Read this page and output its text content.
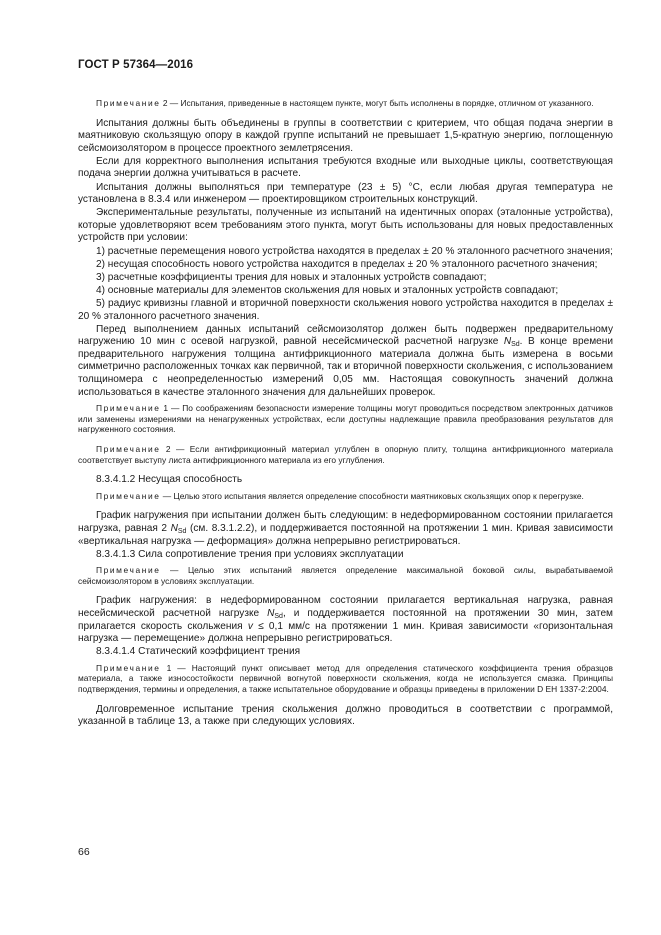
ГОСТ Р 57364—2016

Примечание 2 — Испытания, приведенные в настоящем пункте, могут быть исполнены в порядке, отличном от указанного.

Испытания должны быть объединены в группы в соответствии с критерием, что общая подача энергии в маятниковую скользящую опору в каждой группе испытаний не превышает 1,5-кратную энергию, поглощенную сейсмоизолятором в процессе проектного землетрясения.

Если для корректного выполнения испытания требуются входные или выходные циклы, соответствующая подача энергии должна учитываться в расчете.

Испытания должны выполняться при температуре (23 ± 5) °С, если любая другая температура не установлена в 8.3.4 или инженером — проектировщиком строительных конструкций.

Экспериментальные результаты, полученные из испытаний на идентичных опорах (эталонные устройства), которые удовлетворяют всем требованиям этого пункта, могут быть использованы для новых предоставленных устройств при условии:

1) расчетные перемещения нового устройства находятся в пределах ± 20 % эталонного расчетного значения;

2) несущая способность нового устройства находится в пределах ± 20 % эталонного расчетного значения;

3) расчетные коэффициенты трения для новых и эталонных устройств совпадают;

4) основные материалы для элементов скольжения для новых и эталонных устройств совпадают;

5) радиус кривизны главной и вторичной поверхности скольжения нового устройства находится в пределах ± 20 % эталонного расчетного значения.

Перед выполнением данных испытаний сейсмоизолятор должен быть подвержен предварительному нагружению 10 мин с осевой нагрузкой, равной несейсмической расчетной нагрузке $N_{Sd}$. В конце времени предварительного нагружения толщина антифрикционного материала должна быть измерена в восьми симметрично расположенных точках как первичной, так и вторичной поверхности скольжения, с использованием толщиномера с неопределенностью измерений 0,05 мм. Настоящая совокупность значений должна использоваться в качестве эталонного значения для дальнейших проверок.

Примечание 1 — По соображениям безопасности измерение толщины могут проводиться посредством электронных датчиков или заменены измерениями на ненагруженных устройствах, если доступны надлежащие правила преобразования результатов для нагруженного состояния.

Примечание 2 — Если антифрикционный материал углублен в опорную плиту, толщина антифрикционного материала соответствует выступу листа антифрикционного материала из его углубления.

8.3.4.1.2 Несущая способность

Примечание — Целью этого испытания является определение способности маятниковых скользящих опор к перегрузке.

График нагружения при испытании должен быть следующим: в недеформированном состоянии прилагается нагрузка, равная 2 $N_{Sd}$ (см. 8.3.1.2.2), и поддерживается постоянной на протяжении 1 мин. Кривая зависимости «вертикальная нагрузка — деформация» должна непрерывно регистрироваться.

8.3.4.1.3 Сила сопротивление трения при условиях эксплуатации

Примечание — Целью этих испытаний является определение максимальной боковой силы, вырабатываемой сейсмоизолятором в условиях эксплуатации.

График нагружения: в недеформированном состоянии прилагается вертикальная нагрузка, равная несейсмической расчетной нагрузке $N_{Sd}$, и поддерживается постоянной на протяжении 30 мин, затем прилагается скорость скольжения v ≤ 0,1 мм/с на протяжении 1 мин. Кривая зависимости «горизонтальная нагрузка — перемещение» должна непрерывно регистрироваться.

8.3.4.1.4 Статический коэффициент трения

Примечание 1 — Настоящий пункт описывает метод для определения статического коэффициента трения образцов материала, а также износостойкости первичной вогнутой поверхности скольжения, когда не используется смазка. Принципы подтверждения, термины и определения, а также испытательное оборудование и образцы приведены в приложении D ЕН 1337-2:2004.

Долговременное испытание трения скольжения должно проводиться в соответствии с программой, указанной в таблице 13, а также при следующих условиях.

66
